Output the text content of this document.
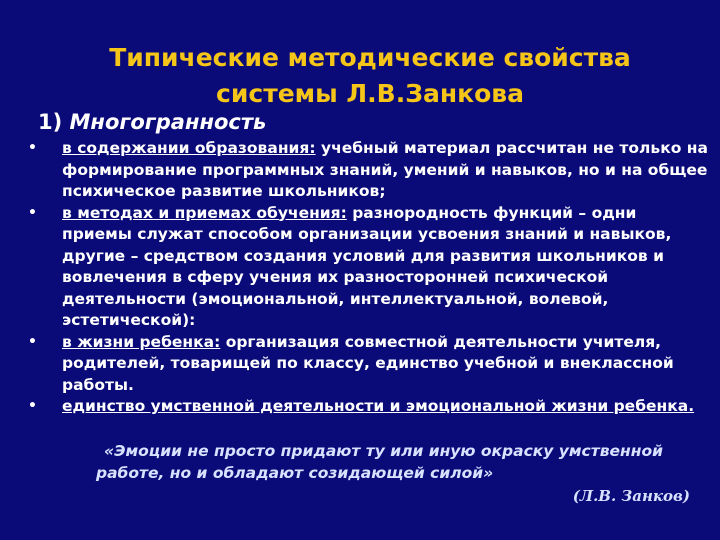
Типические методические свойства
системы Л.В.Занкова
1) Многогранность
• в содержании образования: учебный материал рассчитан не только на формирование программных знаний, умений и навыков, но и на общее психическое развитие школьников;
• в методах и приемах обучения: разнородность функций – одни приемы служат способом организации усвоения знаний и навыков, другие – средством создания условий для развития школьников и вовлечения в сферу учения их разносторонней психической деятельности (эмоциональной, интеллектуальной, волевой, эстетической):
• в жизни ребенка: организация совместной деятельности учителя, родителей, товарищей по классу, единство учебной и внеклассной работы.
• единство умственной деятельности и эмоциональной жизни ребенка.
«Эмоции не просто придают ту или иную окраску умственной
работе, но и обладают созидающей силой»
(Л.В. Занков)
